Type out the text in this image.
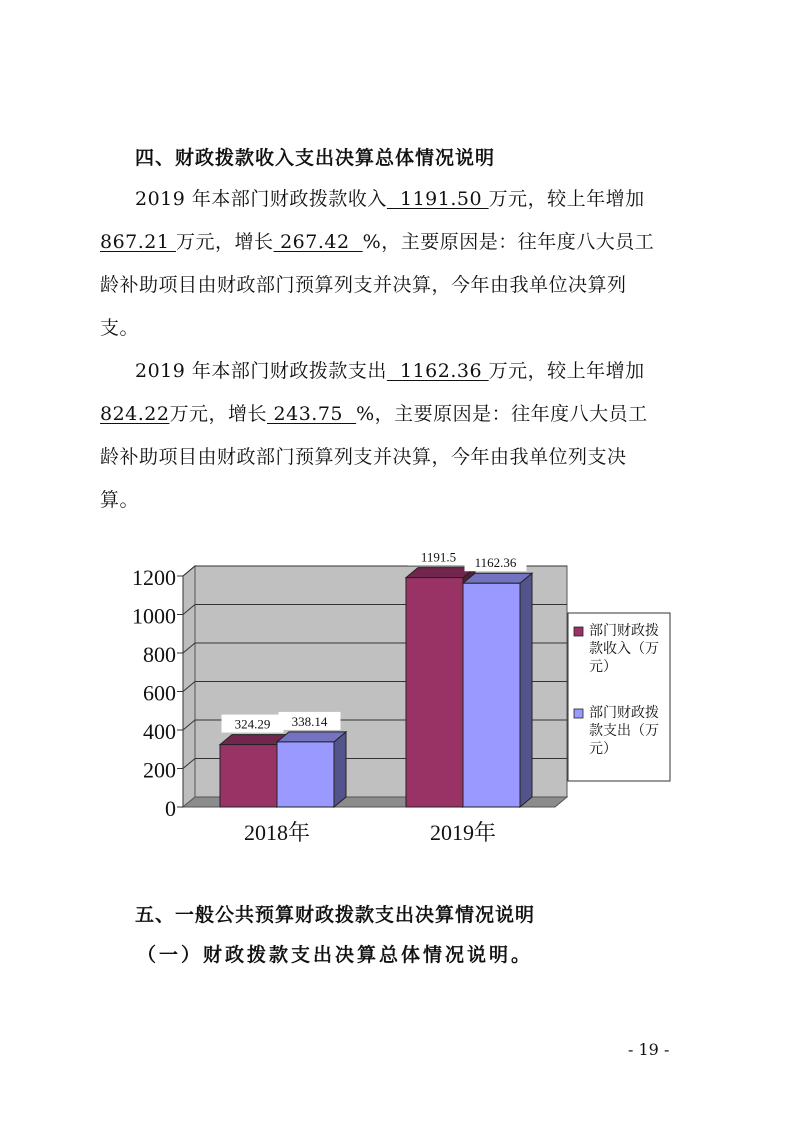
四、财政拨款收入支出决算总体情况说明
2019 年本部门财政拨款收入  1191.50 万元，较上年增加
867.21 万元，增长 267.42  %，主要原因是：往年度八大员工
龄补助项目由财政部门预算列支并决算，今年由我单位决算列
支。
2019 年本部门财政拨款支出  1162.36 万元，较上年增加
824.22万元，增长 243.75  %，主要原因是：往年度八大员工
龄补助项目由财政部门预算列支并决算，今年由我单位列支决
算。
0
200
400
600
800
1000
1200
324.29 338.14
2018年
1191.5 1162.36
2019年
部门财政拨
款收入（万
元）
部门财政拨
款支出（万
元）
五、一般公共预算财政拨款支出决算情况说明
（一）财政拨款支出决算总体情况说明。
- 19 -
